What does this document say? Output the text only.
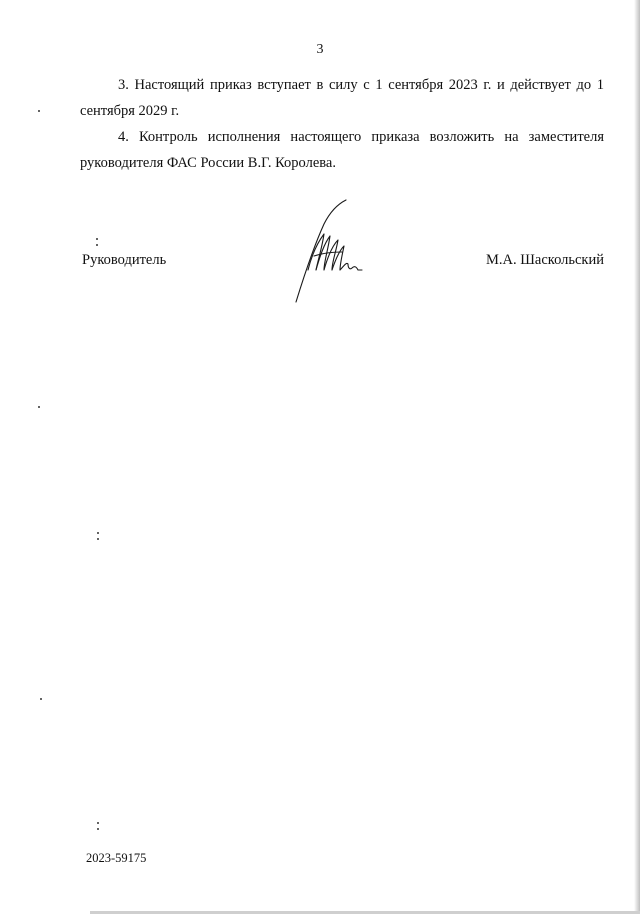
3

3. Настоящий приказ вступает в силу с 1 сентября 2023 г. и действует до 1 сентября 2029 г.

4. Контроль исполнения настоящего приказа возложить на заместителя руководителя ФАС России В.Г. Королева.

Руководитель	М.А. Шаскольский
2023-59175
